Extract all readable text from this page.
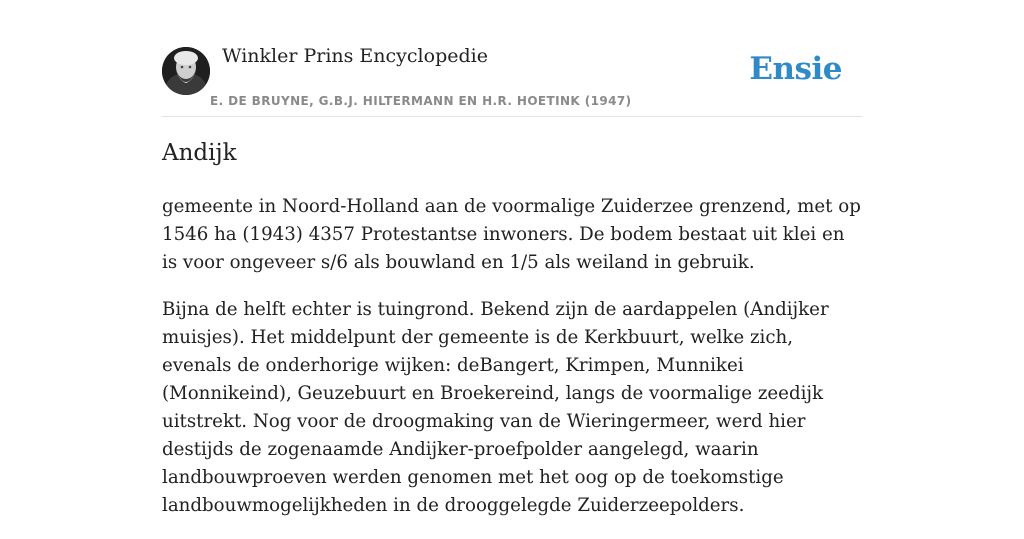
Winkler Prins Encyclopedie
E. DE BRUYNE, G.B.J. HILTERMANN EN H.R. HOETINK (1947)
Ensie
Andijk

gemeente in Noord-Holland aan de voormalige Zuiderzee grenzend, met op 1546 ha (1943) 4357 Protestantse inwoners. De bodem bestaat uit klei en is voor ongeveer s/6 als bouwland en 1/5 als weiland in gebruik.

Bijna de helft echter is tuingrond. Bekend zijn de aardappelen (Andijker muisjes). Het middelpunt der gemeente is de Kerkbuurt, welke zich, evenals de onderhorige wijken: deBangert, Krimpen, Munnikei (Monnikeind), Geuzebuurt en Broekereind, langs de voormalige zeedijk uitstrekt. Nog voor de droogmaking van de Wieringermeer, werd hier destijds de zogenaamde Andijker-proefpolder aangelegd, waarin landbouwproeven werden genomen met het oog op de toekomstige landbouwmogelijkheden in de drooggelegde Zuiderzeepolders.
